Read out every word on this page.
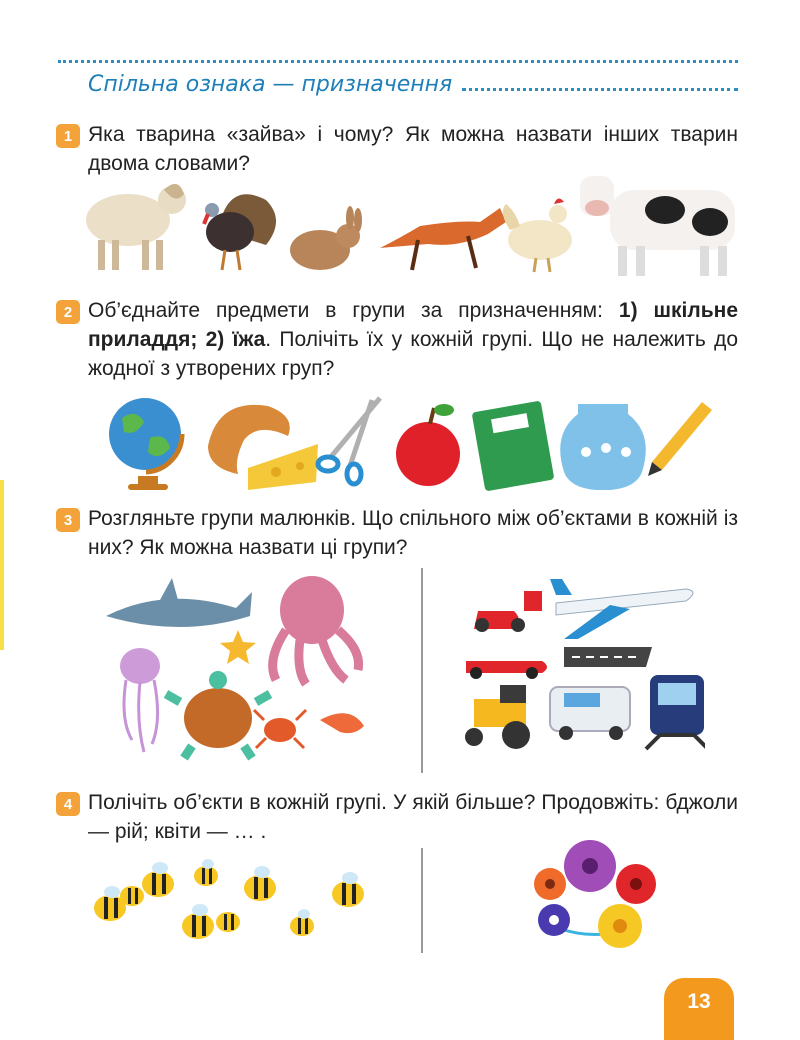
Спільна ознака — призначення
1 Яка тварина «зайва» і чому? Як можна назвати інших тварин двома словами?
2 Об’єднайте предмети в групи за призначенням: 1) шкільне приладдя; 2) їжа. Полічіть їх у кожній групі. Що не належить до жодної з утворених груп?
3 Розгляньте групи малюнків. Що спільного між об’єктами в кожній із них? Як можна назвати ці групи?
4 Полічіть об’єкти в кожній групі. У якій більше? Продовжіть: бджоли — рій; квіти — … .
13
